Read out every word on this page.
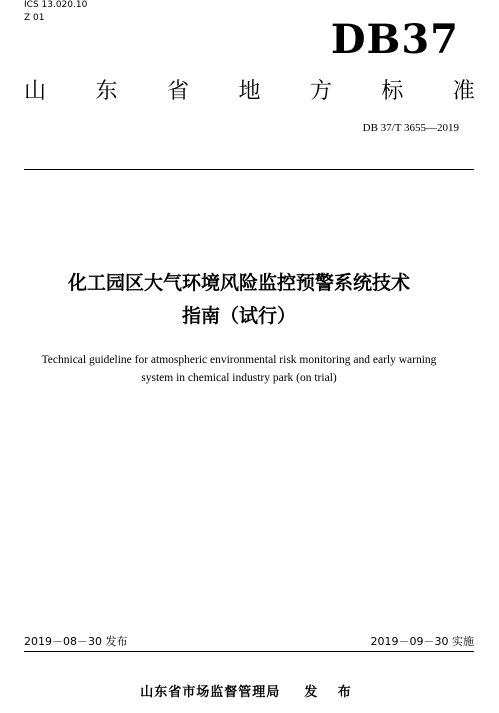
ICS 13.020.10
Z 01	DB37
山 东 省 地 方 标 准
DB 37/T 3655—2019
化工园区大气环境风险监控预警系统技术
指南（试行）
Technical guideline for atmospheric environmental risk monitoring and early warning
system in chemical industry park (on trial)
2019－08－30 发布	2019－09－30 实施
山东省市场监督管理局 发 布
